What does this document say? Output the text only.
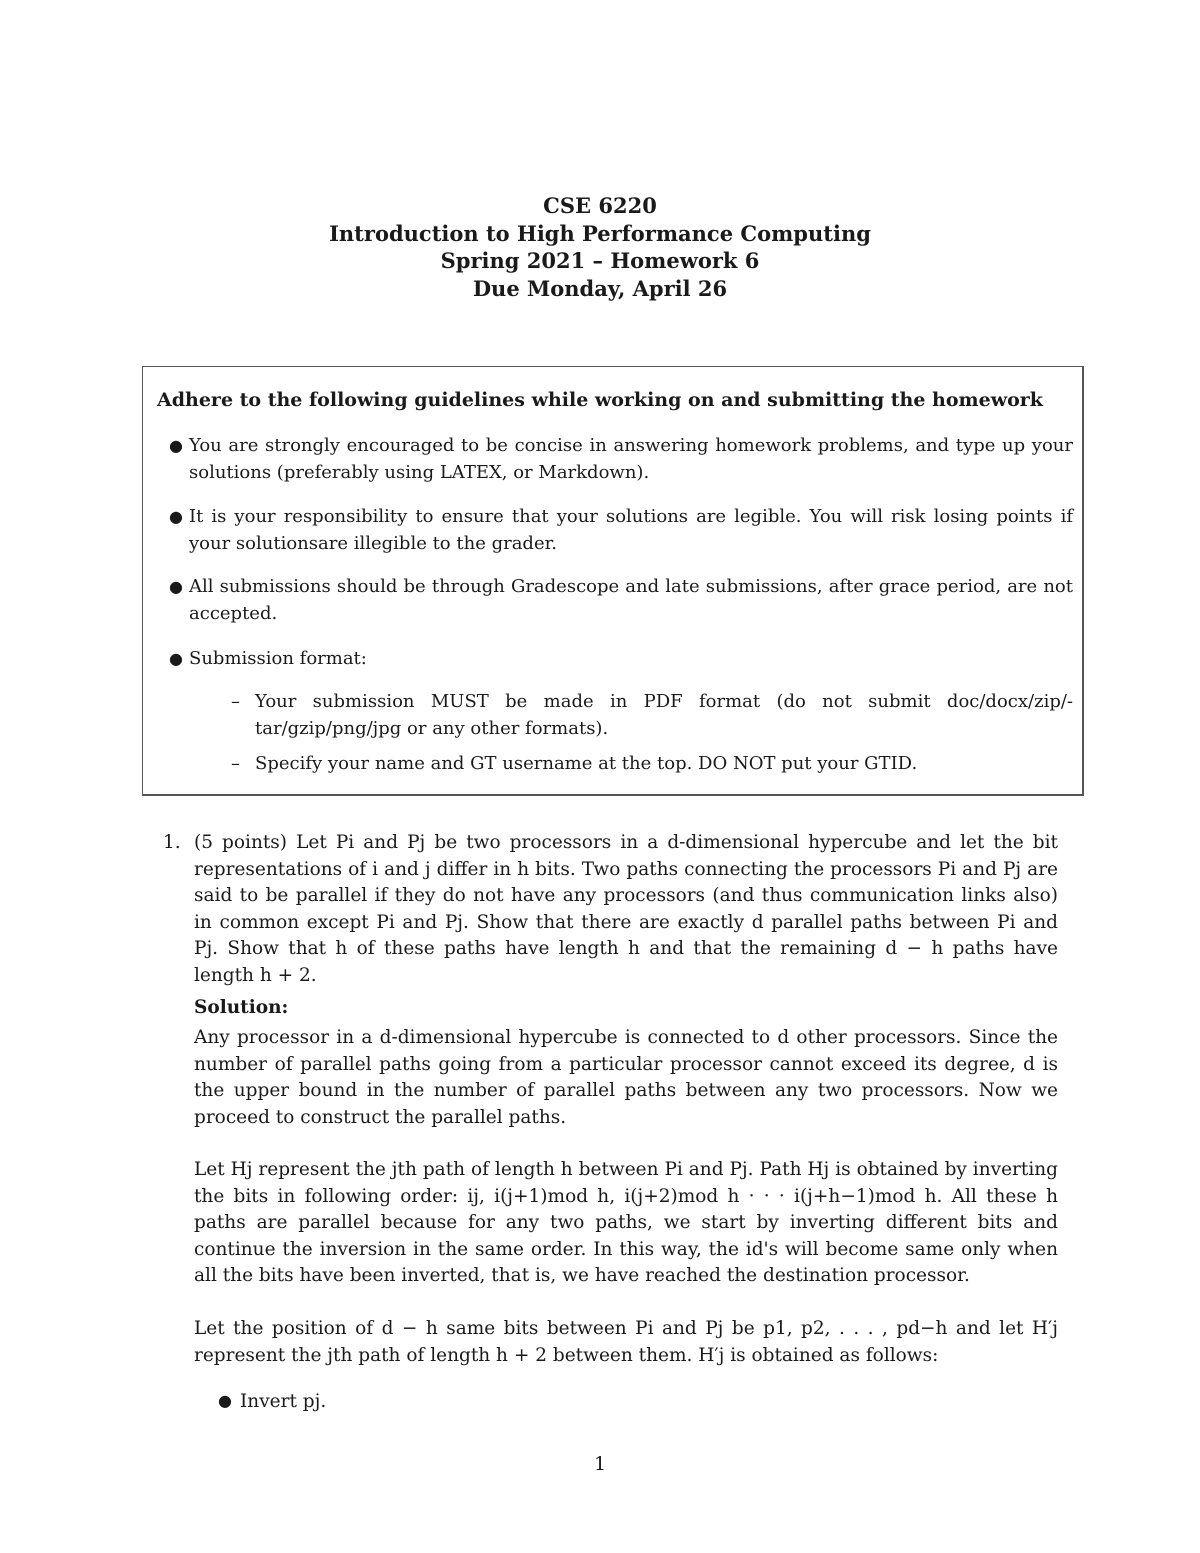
CSE 6220
Introduction to High Performance Computing
Spring 2021 – Homework 6
Due Monday, April 26
Adhere to the following guidelines while working on and submitting the homework
● You are strongly encouraged to be concise in answering homework problems, and type up your solutions (preferably using LATEX, or Markdown).
● It is your responsibility to ensure that your solutions are legible. You will risk losing points if your solutionsare illegible to the grader.
● All submissions should be through Gradescope and late submissions, after grace period, are not accepted.
● Submission format:
– Your submission MUST be made in PDF format (do not submit doc/docx/zip/-tar/gzip/png/jpg or any other formats).
– Specify your name and GT username at the top. DO NOT put your GTID.
1. (5 points) Let Pi and Pj be two processors in a d-dimensional hypercube and let the bit representations of i and j differ in h bits. Two paths connecting the processors Pi and Pj are said to be parallel if they do not have any processors (and thus communication links also) in common except Pi and Pj. Show that there are exactly d parallel paths between Pi and Pj. Show that h of these paths have length h and that the remaining d − h paths have length h + 2.
Solution:
Any processor in a d-dimensional hypercube is connected to d other processors. Since the number of parallel paths going from a particular processor cannot exceed its degree, d is the upper bound in the number of parallel paths between any two processors. Now we proceed to construct the parallel paths.
Let Hj represent the jth path of length h between Pi and Pj. Path Hj is obtained by inverting the bits in following order: ij, i(j+1)mod h, i(j+2)mod h · · · i(j+h−1)mod h. All these h paths are parallel because for any two paths, we start by inverting different bits and continue the inversion in the same order. In this way, the id's will become same only when all the bits have been inverted, that is, we have reached the destination processor.
Let the position of d − h same bits between Pi and Pj be p1, p2, . . . , pd−h and let H′j represent the jth path of length h + 2 between them. H′j is obtained as follows:
● Invert pj.
1
